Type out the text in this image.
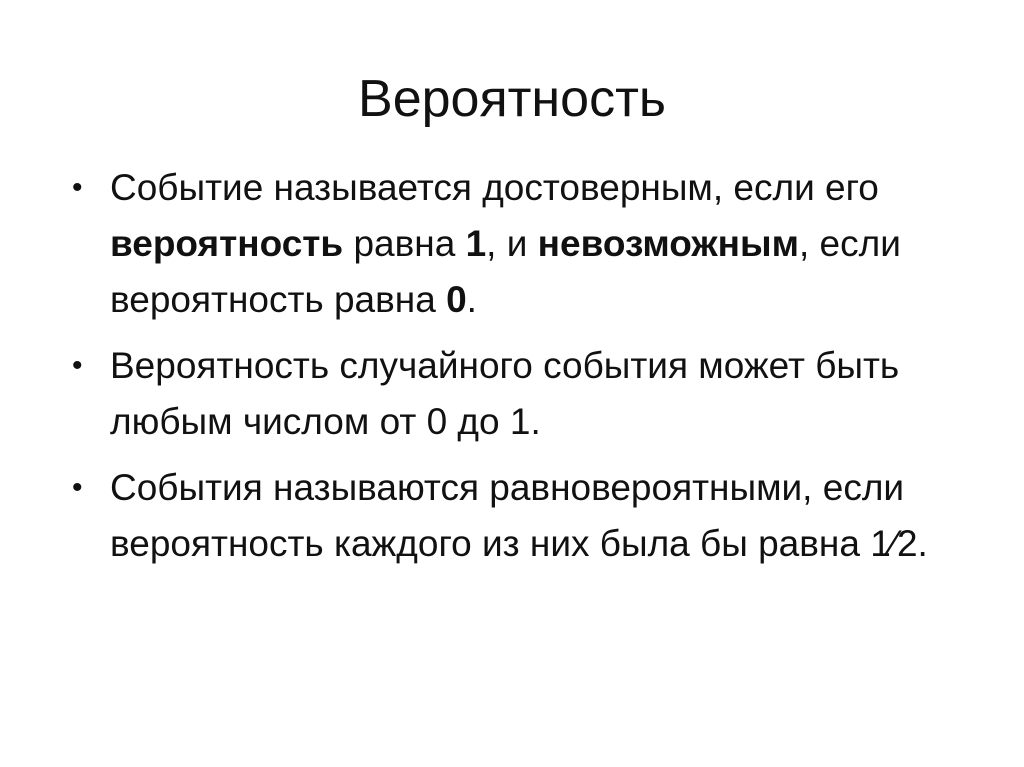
Вероятность
• Событие называется достоверным, если его вероятность равна 1, и невозможным, если вероятность равна 0.
• Вероятность случайного события может быть любым числом от 0 до 1.
• События называются равновероятными, если вероятность каждого из них была бы равна 1⁄2.
